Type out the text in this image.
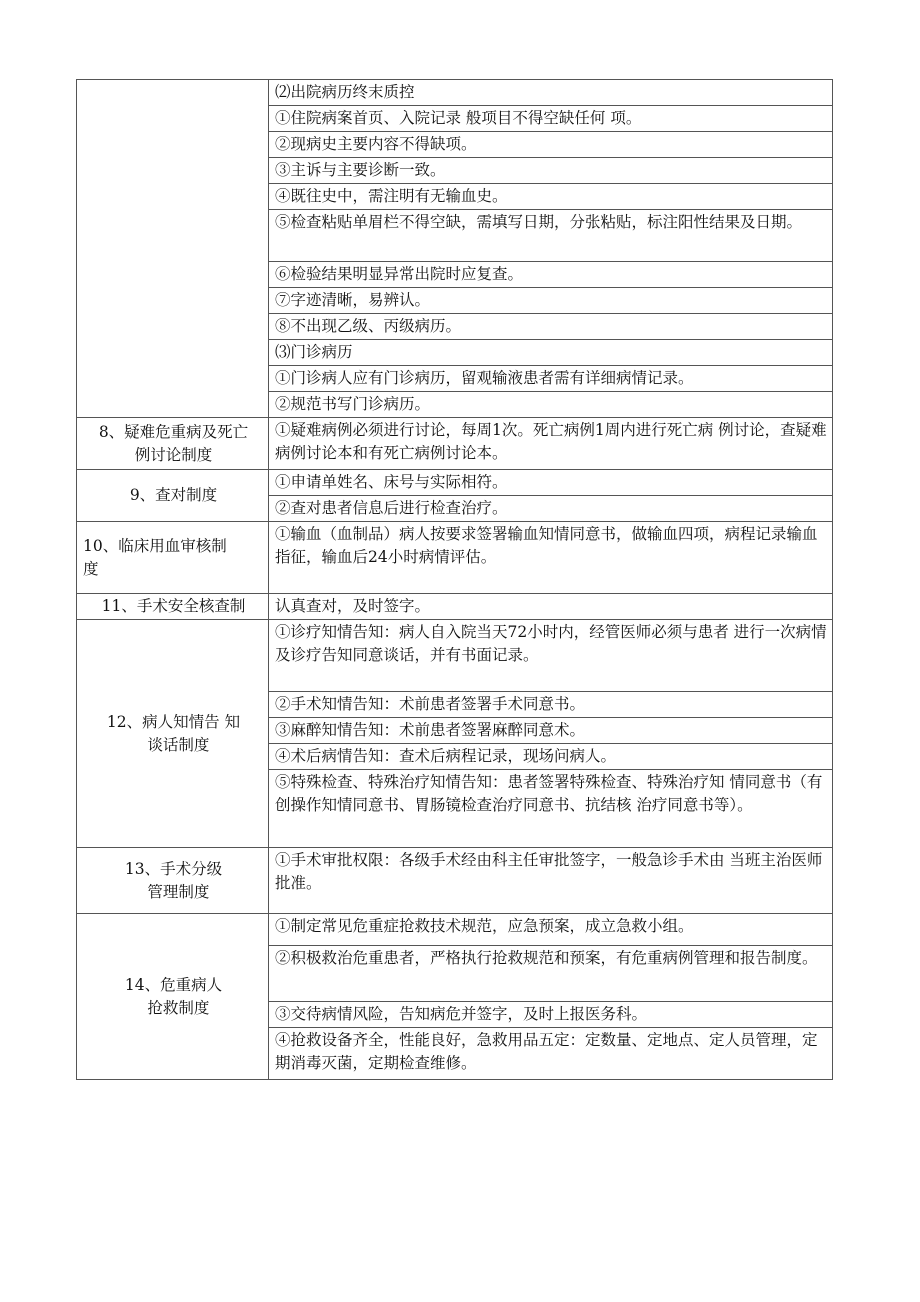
	⑵出院病历终末质控
	①住院病案首页、入院记录 般项目不得空缺任何 项。
	②现病史主要内容不得缺项。
	③主诉与主要诊断一致。
	④既往史中，需注明有无输血史。
	⑤检查粘贴单眉栏不得空缺，需填写日期，分张粘贴，标注阳性结果及日期。
	⑥检验结果明显异常出院时应复查。
	⑦字迹清晰，易辨认。
	⑧不出现乙级、丙级病历。
	⑶门诊病历
	①门诊病人应有门诊病历，留观输液患者需有详细病情记录。
	②规范书写门诊病历。
8、疑难危重病及死亡
例讨论制度	①疑难病例必须进行讨论，每周1次。死亡病例1周内进行死亡病 例讨论，查疑难病例讨论本和有死亡病例讨论本。
9、查对制度	①申请单姓名、床号与实际相符。
	②查对患者信息后进行检查治疗。
10、临床用血审核制
度	①输血（血制品）病人按要求签署输血知情同意书，做输血四项，病程记录输血指征，输血后24小时病情评估。
11、手术安全核查制	认真查对，及时签字。
12、病人知情告 知
谈话制度	①诊疗知情告知：病人自入院当天72小时内，经管医师必须与患者 进行一次病情及诊疗告知同意谈话，并有书面记录。
	②手术知情告知：术前患者签署手术同意书。
	③麻醉知情告知：术前患者签署麻醉同意术。
	④术后病情告知：查术后病程记录，现场问病人。
	⑤特殊检查、特殊治疗知情告知：患者签署特殊检查、特殊治疗知 情同意书（有创操作知情同意书、胃肠镜检查治疗同意书、抗结核 治疗同意书等）。
13、手术分级
管理制度	①手术审批权限：各级手术经由科主任审批签字，一般急诊手术由 当班主治医师批准。
14、危重病人
抢救制度	①制定常见危重症抢救技术规范，应急预案，成立急救小组。
	②积极救治危重患者，严格执行抢救规范和预案，有危重病例管理和报告制度。
	③交待病情风险，告知病危并签字，及时上报医务科。
	④抢救设备齐全，性能良好，急救用品五定：定数量、定地点、定人员管理，定期消毒灭菌，定期检查维修。
